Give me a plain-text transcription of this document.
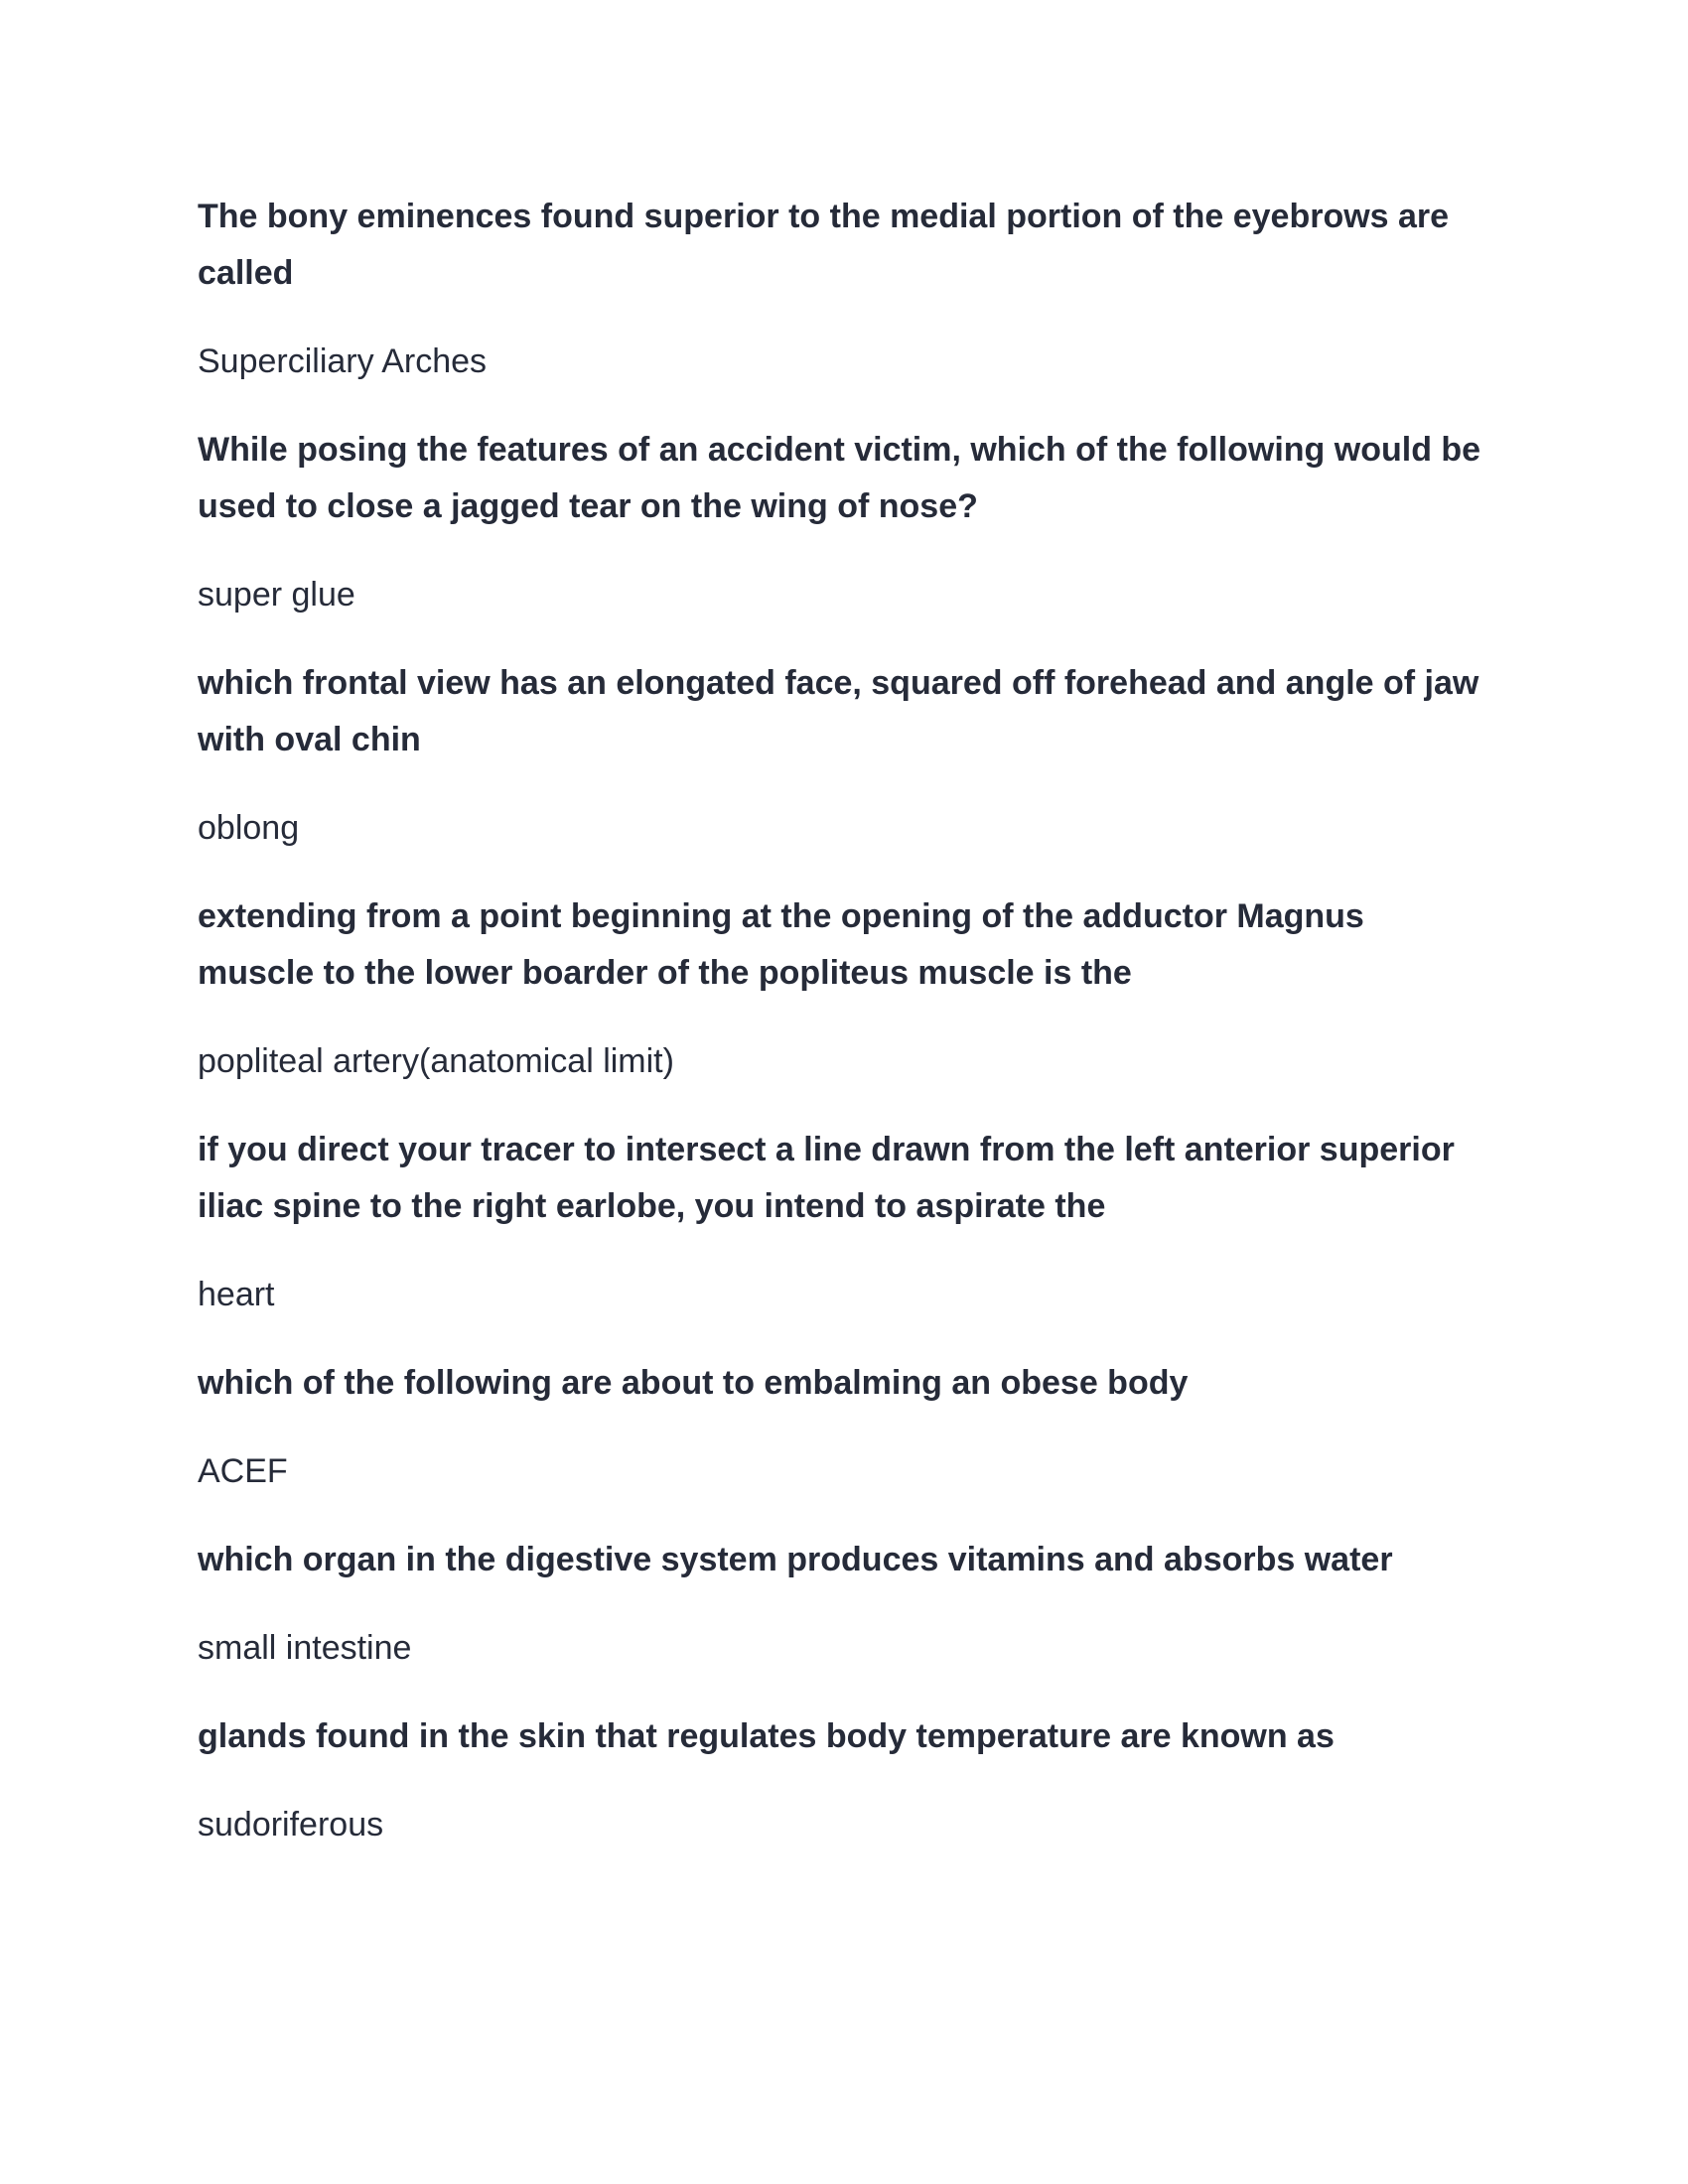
The bony eminences found superior to the medial portion of the eyebrows are called

Superciliary Arches

While posing the features of an accident victim, which of the following would be used to close a jagged tear on the wing of nose?

super glue

which frontal view has an elongated face, squared off forehead and angle of jaw with oval chin

oblong

extending from a point beginning at the opening of the adductor Magnus muscle to the lower boarder of the popliteus muscle is the

popliteal artery(anatomical limit)

if you direct your tracer to intersect a line drawn from the left anterior superior iliac spine to the right earlobe, you intend to aspirate the

heart

which of the following are about to embalming an obese body

ACEF

which organ in the digestive system produces vitamins and absorbs water

small intestine

glands found in the skin that regulates body temperature are known as

sudoriferous
